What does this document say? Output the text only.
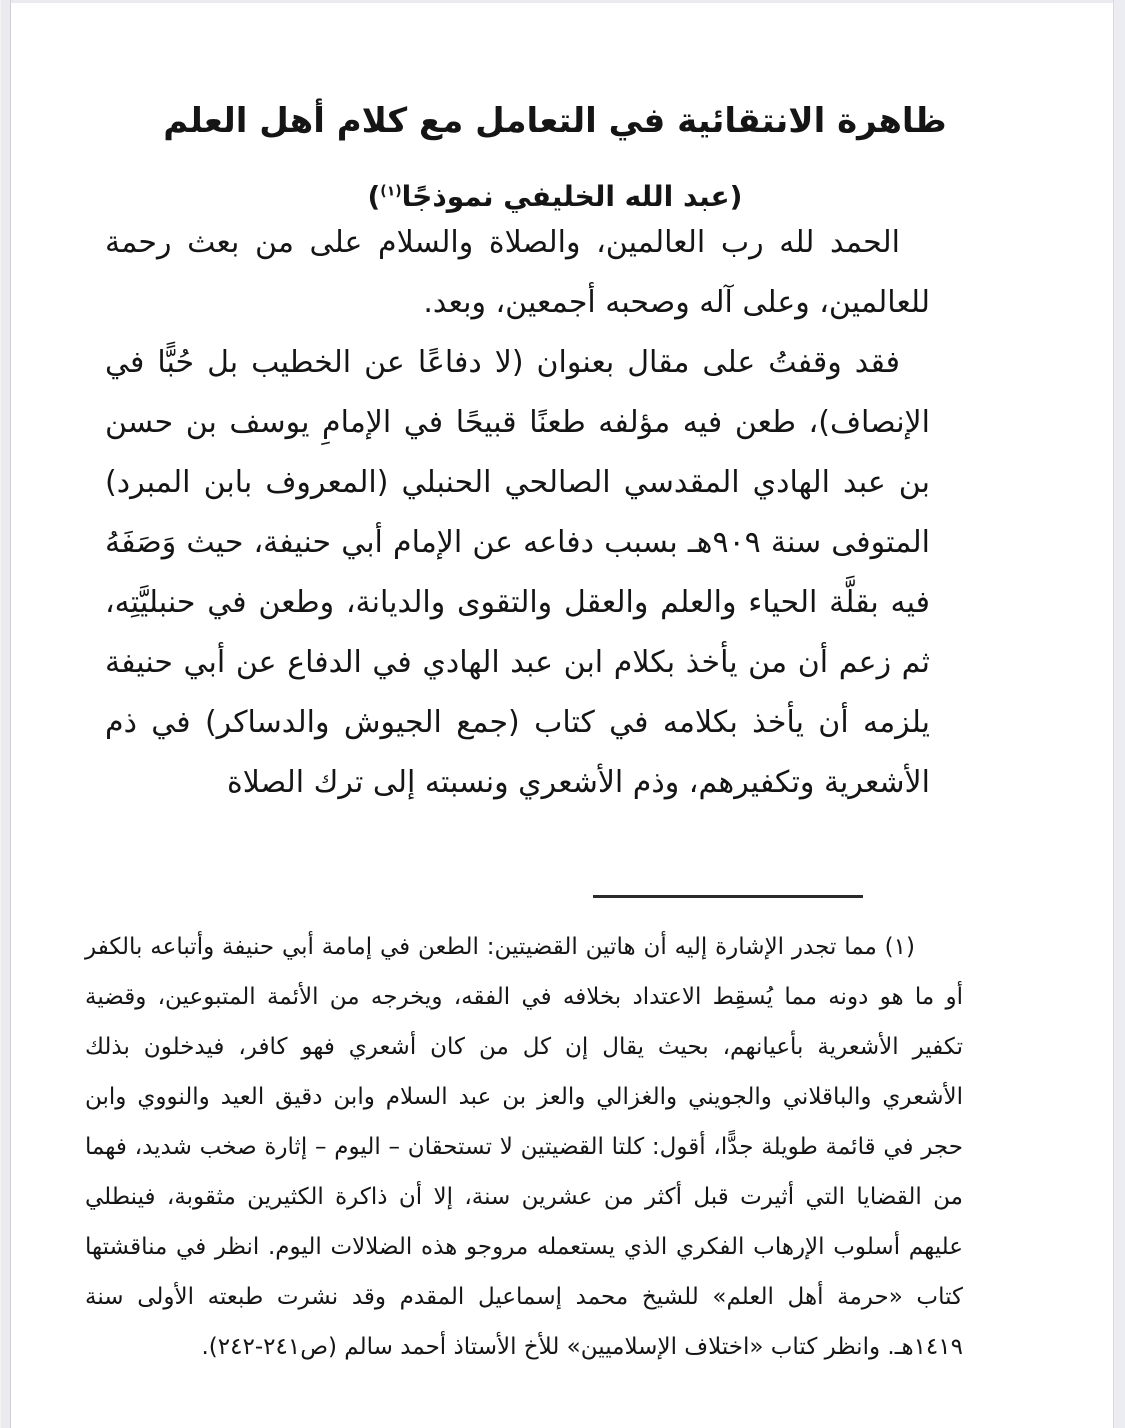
ظاهرة الانتقائية في التعامل مع كلام أهل العلم
(عبد الله الخليفي نموذجًا$^{(١)}$)

الحمد لله رب العالمين، والصلاة والسلام على من بعث رحمة للعالمين، وعلى آله وصحبه أجمعين، وبعد.

فقد وقفتُ على مقال بعنوان (لا دفاعًا عن الخطيب بل حُبًّا في الإنصاف)، طعن فيه مؤلفه طعنًا قبيحًا في الإمامِ يوسف بن حسن بن عبد الهادي المقدسي الصالحي الحنبلي (المعروف بابن المبرد) المتوفى سنة ٩٠٩هـ بسبب دفاعه عن الإمام أبي حنيفة، حيث وَصَفَهُ فيه بقلَّة الحياء والعلم والعقل والتقوى والديانة، وطعن في حنبليَّتِه، ثم زعم أن من يأخذ بكلام ابن عبد الهادي في الدفاع عن أبي حنيفة يلزمه أن يأخذ بكلامه في كتاب (جمع الجيوش والدساكر) في ذم الأشعرية وتكفيرهم، وذم الأشعري ونسبته إلى ترك الصلاة

(١) مما تجدر الإشارة إليه أن هاتين القضيتين: الطعن في إمامة أبي حنيفة وأتباعه بالكفر أو ما هو دونه مما يُسقِط الاعتداد بخلافه في الفقه، ويخرجه من الأئمة المتبوعين، وقضية تكفير الأشعرية بأعيانهم، بحيث يقال إن كل من كان أشعري فهو كافر، فيدخلون بذلك الأشعري والباقلاني والجويني والغزالي والعز بن عبد السلام وابن دقيق العيد والنووي وابن حجر في قائمة طويلة جدًّا، أقول: كلتا القضيتين لا تستحقان – اليوم – إثارة صخب شديد، فهما من القضايا التي أثيرت قبل أكثر من عشرين سنة، إلا أن ذاكرة الكثيرين مثقوبة، فينطلي عليهم أسلوب الإرهاب الفكري الذي يستعمله مروجو هذه الضلالات اليوم. انظر في مناقشتها كتاب «حرمة أهل العلم» للشيخ محمد إسماعيل المقدم وقد نشرت طبعته الأولى سنة ١٤١٩هـ. وانظر كتاب «اختلاف الإسلاميين» للأخ الأستاذ أحمد سالم (ص٢٤١-٢٤٢).
